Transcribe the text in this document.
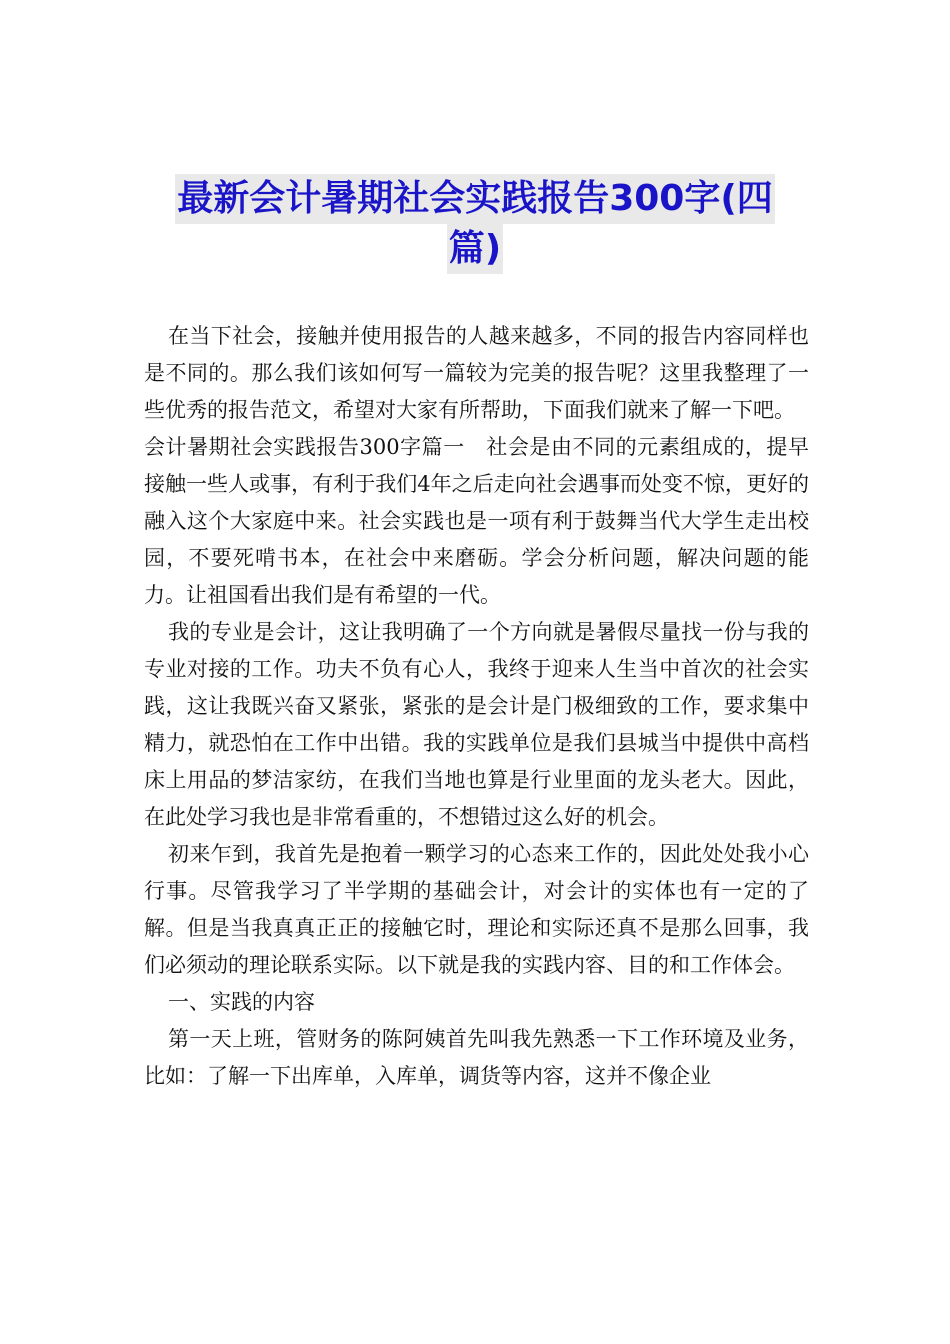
最新会计暑期社会实践报告300字(四
篇)

在当下社会，接触并使用报告的人越来越多，不同的报告内容同样也是不同的。那么我们该如何写一篇较为完美的报告呢？这里我整理了一些优秀的报告范文，希望对大家有所帮助，下面我们就来了解一下吧。

会计暑期社会实践报告300字篇一　社会是由不同的元素组成的，提早接触一些人或事，有利于我们4年之后走向社会遇事而处变不惊，更好的融入这个大家庭中来。社会实践也是一项有利于鼓舞当代大学生走出校园，不要死啃书本，在社会中来磨砺。学会分析问题，解决问题的能力。让祖国看出我们是有希望的一代。

我的专业是会计，这让我明确了一个方向就是暑假尽量找一份与我的专业对接的工作。功夫不负有心人，我终于迎来人生当中首次的社会实践，这让我既兴奋又紧张，紧张的是会计是门极细致的工作，要求集中精力，就恐怕在工作中出错。我的实践单位是我们县城当中提供中高档床上用品的梦洁家纺，在我们当地也算是行业里面的龙头老大。因此，在此处学习我也是非常看重的，不想错过这么好的机会。

初来乍到，我首先是抱着一颗学习的心态来工作的，因此处处我小心行事。尽管我学习了半学期的基础会计，对会计的实体也有一定的了解。但是当我真真正正的接触它时，理论和实际还真不是那么回事，我们必须动的理论联系实际。以下就是我的实践内容、目的和工作体会。

一、实践的内容

第一天上班，管财务的陈阿姨首先叫我先熟悉一下工作环境及业务，比如：了解一下出库单，入库单，调货等内容，这并不像企业
